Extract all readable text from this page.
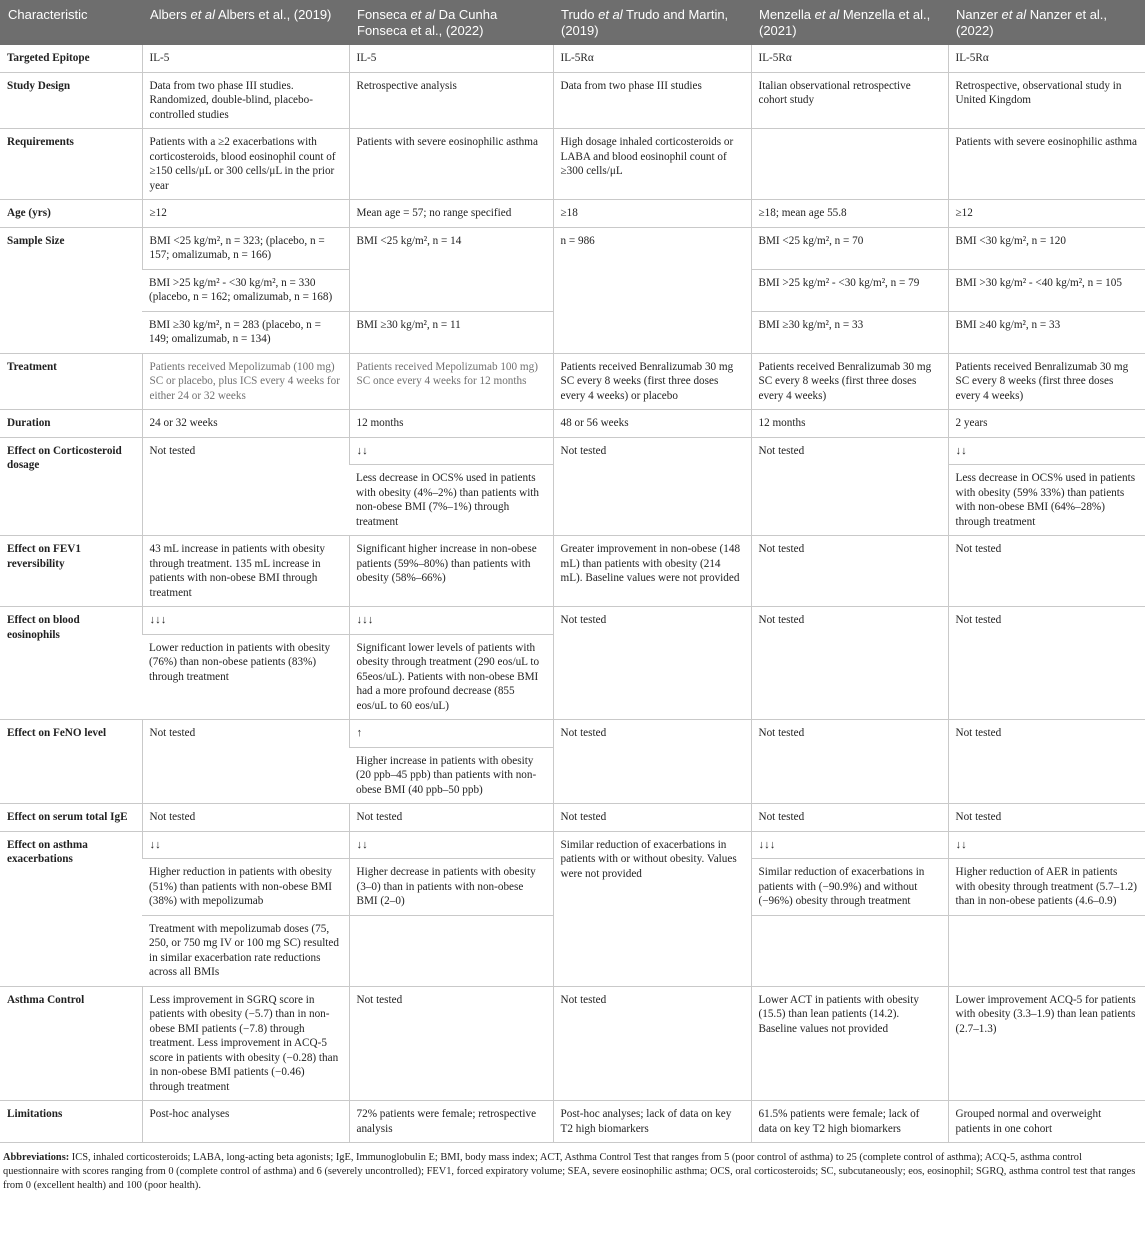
Characteristic	Albers et al Albers et al., (2019)	Fonseca et al Da Cunha Fonseca et al., (2022)	Trudo et al Trudo and Martin, (2019)	Menzella et al Menzella et al., (2021)	Nanzer et al Nanzer et al., (2022)
Targeted Epitope	IL-5	IL-5	IL-5Rα	IL-5Rα	IL-5Rα
Study Design	Data from two phase III studies. Randomized, double-blind, placebo-controlled studies	Retrospective analysis	Data from two phase III studies	Italian observational retrospective cohort study	Retrospective, observational study in United Kingdom
Requirements	Patients with a ≥2 exacerbations with corticosteroids, blood eosinophil count of ≥150 cells/μL or 300 cells/μL in the prior year	Patients with severe eosinophilic asthma	High dosage inhaled corticosteroids or LABA and blood eosinophil count of ≥300 cells/μL		Patients with severe eosinophilic asthma
Age (yrs)	≥12	Mean age = 57; no range specified	≥18	≥18; mean age 55.8	≥12
Sample Size	BMI <25 kg/m², n = 323; (placebo, n = 157; omalizumab, n = 166)	BMI <25 kg/m², n = 14	n = 986	BMI <25 kg/m², n = 70	BMI <30 kg/m², n = 120
	BMI >25 kg/m² - <30 kg/m², n = 330 (placebo, n = 162; omalizumab, n = 168)			BMI >25 kg/m² - <30 kg/m², n = 79	BMI >30 kg/m² - <40 kg/m², n = 105
	BMI ≥30 kg/m², n = 283 (placebo, n = 149; omalizumab, n = 134)	BMI ≥30 kg/m², n = 11		BMI ≥30 kg/m², n = 33	BMI ≥40 kg/m², n = 33
Treatment	Patients received Mepolizumab (100 mg) SC or placebo, plus ICS every 4 weeks for either 24 or 32 weeks	Patients received Mepolizumab 100 mg) SC once every 4 weeks for 12 months	Patients received Benralizumab 30 mg SC every 8 weeks (first three doses every 4 weeks) or placebo	Patients received Benralizumab 30 mg SC every 8 weeks (first three doses every 4 weeks)	Patients received Benralizumab 30 mg SC every 8 weeks (first three doses every 4 weeks)
Duration	24 or 32 weeks	12 months	48 or 56 weeks	12 months	2 years
Effect on Corticosteroid dosage	Not tested	↓↓	Not tested	Not tested	↓↓
		Less decrease in OCS% used in patients with obesity (4%–2%) than patients with non-obese BMI (7%–1%) through treatment			Less decrease in OCS% used in patients with obesity (59% 33%) than patients with non-obese BMI (64%–28%) through treatment
Effect on FEV1 reversibility	43 mL increase in patients with obesity through treatment. 135 mL increase in patients with non-obese BMI through treatment	Significant higher increase in non-obese patients (59%–80%) than patients with obesity (58%–66%)	Greater improvement in non-obese (148 mL) than patients with obesity (214 mL). Baseline values were not provided	Not tested	Not tested
Effect on blood eosinophils	↓↓↓	↓↓↓	Not tested	Not tested	Not tested
	Lower reduction in patients with obesity (76%) than non-obese patients (83%) through treatment	Significant lower levels of patients with obesity through treatment (290 eos/uL to 65eos/uL). Patients with non-obese BMI had a more profound decrease (855 eos/uL to 60 eos/uL)			
Effect on FeNO level	Not tested	↑	Not tested	Not tested	Not tested
		Higher increase in patients with obesity (20 ppb–45 ppb) than patients with non-obese BMI (40 ppb–50 ppb)			
Effect on serum total IgE	Not tested	Not tested	Not tested	Not tested	Not tested
Effect on asthma exacerbations	↓↓	↓↓	Similar reduction of exacerbations in patients with or without obesity. Values were not provided	↓↓↓	↓↓
	Higher reduction in patients with obesity (51%) than patients with non-obese BMI (38%) with mepolizumab	Higher decrease in patients with obesity (3–0) than in patients with non-obese BMI (2–0)		Similar reduction of exacerbations in patients with (−90.9%) and without (−96%) obesity through treatment	Higher reduction of AER in patients with obesity through treatment (5.7–1.2) than in non-obese patients (4.6–0.9)
	Treatment with mepolizumab doses (75, 250, or 750 mg IV or 100 mg SC) resulted in similar exacerbation rate reductions across all BMIs				
Asthma Control	Less improvement in SGRQ score in patients with obesity (−5.7) than in non-obese BMI patients (−7.8) through treatment. Less improvement in ACQ-5 score in patients with obesity (−0.28) than in non-obese BMI patients (−0.46) through treatment	Not tested	Not tested	Lower ACT in patients with obesity (15.5) than lean patients (14.2). Baseline values not provided	Lower improvement ACQ-5 for patients with obesity (3.3–1.9) than lean patients (2.7–1.3)
Limitations	Post-hoc analyses	72% patients were female; retrospective analysis	Post-hoc analyses; lack of data on key T2 high biomarkers	61.5% patients were female; lack of data on key T2 high biomarkers	Grouped normal and overweight patients in one cohort
Abbreviations: ICS, inhaled corticosteroids; LABA, long-acting beta agonists; IgE, Immunoglobulin E; BMI, body mass index; ACT, Asthma Control Test that ranges from 5 (poor control of asthma) to 25 (complete control of asthma); ACQ-5, asthma control questionnaire with scores ranging from 0 (complete control of asthma) and 6 (severely uncontrolled); FEV1, forced expiratory volume; SEA, severe eosinophilic asthma; OCS, oral corticosteroids; SC, subcutaneously; eos, eosinophil; SGRQ, asthma control test that ranges from 0 (excellent health) and 100 (poor health).
